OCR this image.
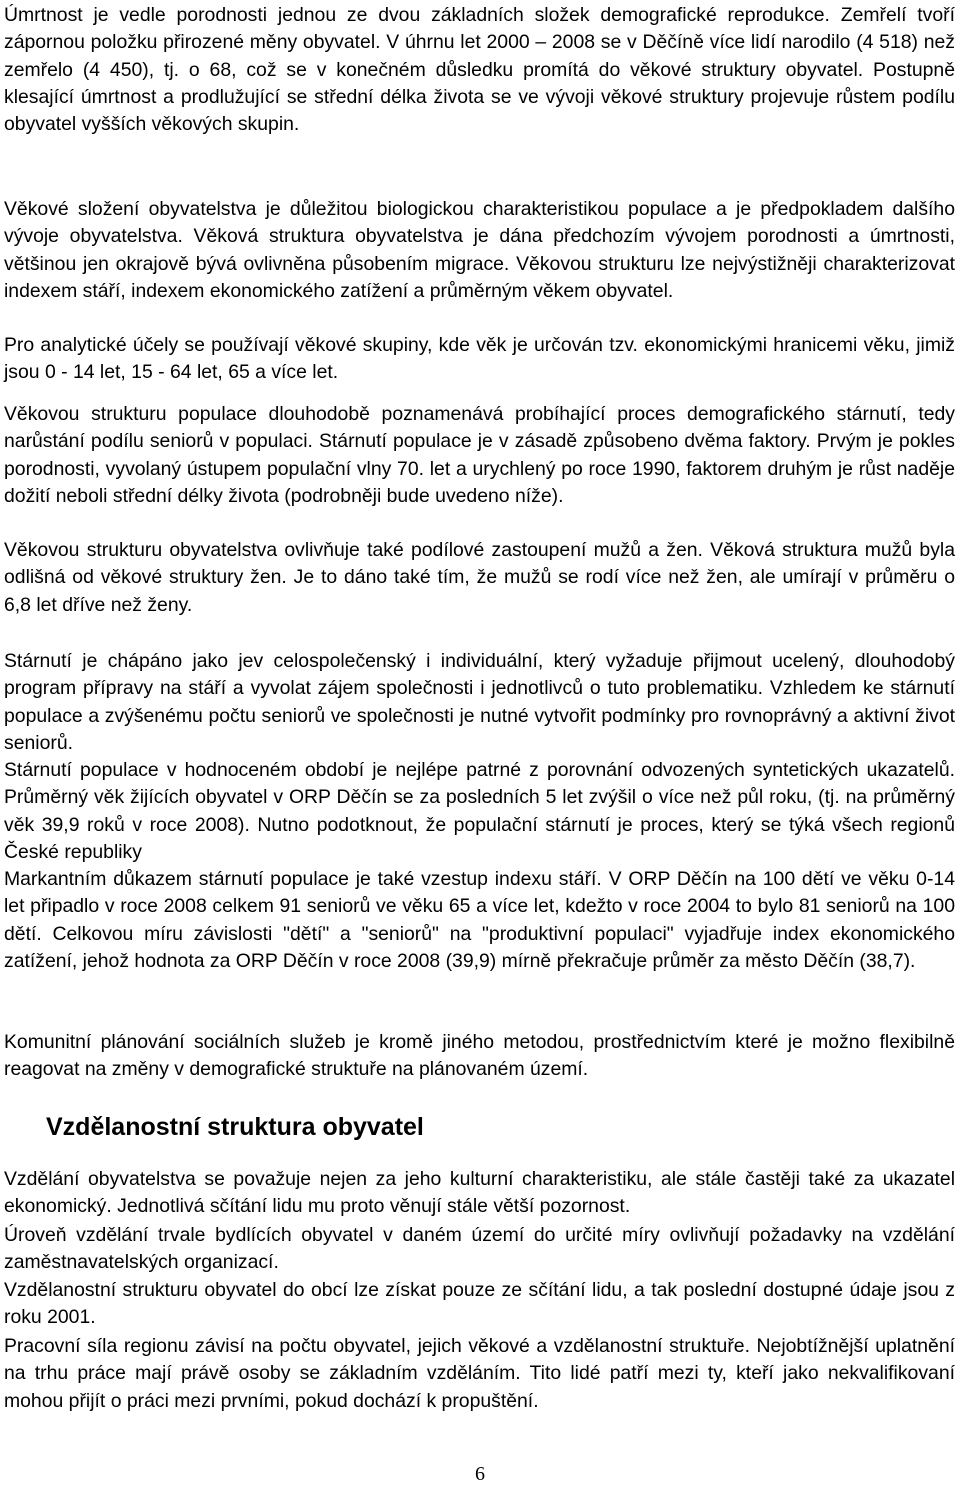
Úmrtnost je vedle porodnosti jednou ze dvou základních složek demografické reprodukce. Zemřelí tvoří zápornou položku přirozené měny obyvatel. V úhrnu let 2000 – 2008 se v Děčíně více lidí narodilo (4 518) než zemřelo (4 450), tj. o 68, což se v konečném důsledku promítá do věkové struktury obyvatel. Postupně klesající úmrtnost a prodlužující se střední délka života se ve vývoji věkové struktury projevuje růstem podílu obyvatel vyšších věkových skupin.

Věkové složení obyvatelstva je důležitou biologickou charakteristikou populace a je předpokladem dalšího vývoje obyvatelstva. Věková struktura obyvatelstva je dána předchozím vývojem porodnosti a úmrtnosti, většinou jen okrajově bývá ovlivněna působením migrace. Věkovou strukturu lze nejvýstižněji charakterizovat indexem stáří, indexem ekonomického zatížení a průměrným věkem obyvatel.

Pro analytické účely se používají věkové skupiny, kde věk je určován tzv. ekonomickými hranicemi věku, jimiž jsou 0 - 14 let, 15 - 64 let, 65 a více let.

Věkovou strukturu populace dlouhodobě poznamenává probíhající proces demografického stárnutí, tedy narůstání podílu seniorů v populaci. Stárnutí populace je v zásadě způsobeno dvěma faktory. Prvým je pokles porodnosti, vyvolaný ústupem populační vlny 70. let a urychlený po roce 1990, faktorem druhým je růst naděje dožití neboli střední délky života (podrobněji bude uvedeno níže).

Věkovou strukturu obyvatelstva ovlivňuje také podílové zastoupení mužů a žen. Věková struktura mužů byla odlišná od věkové struktury žen. Je to dáno také tím, že mužů se rodí více než žen, ale umírají v průměru o 6,8 let dříve než ženy.

Stárnutí je chápáno jako jev celospolečenský i individuální, který vyžaduje přijmout ucelený, dlouhodobý program přípravy na stáří a vyvolat zájem společnosti i jednotlivců o tuto problematiku. Vzhledem ke stárnutí populace a zvýšenému počtu seniorů ve společnosti je nutné vytvořit podmínky pro rovnoprávný a aktivní život seniorů.

Stárnutí populace v hodnoceném období je nejlépe patrné z porovnání odvozených syntetických ukazatelů. Průměrný věk žijících obyvatel v ORP Děčín se za posledních 5 let zvýšil o více než půl roku, (tj. na průměrný věk 39,9 roků v roce 2008). Nutno podotknout, že populační stárnutí je proces, který se týká všech regionů České republiky

Markantním důkazem stárnutí populace je také vzestup indexu stáří. V ORP Děčín na 100 dětí ve věku 0-14 let připadlo v roce 2008 celkem 91 seniorů ve věku 65 a více let, kdežto v roce 2004 to bylo 81 seniorů na 100 dětí. Celkovou míru závislosti "dětí" a "seniorů" na "produktivní populaci" vyjadřuje index ekonomického zatížení, jehož hodnota za ORP Děčín v roce 2008 (39,9) mírně překračuje průměr za město Děčín (38,7).

Komunitní plánování sociálních služeb je kromě jiného metodou, prostřednictvím které je možno flexibilně reagovat na změny v demografické struktuře na plánovaném území.

Vzdělanostní struktura obyvatel

Vzdělání obyvatelstva se považuje nejen za jeho kulturní charakteristiku, ale stále častěji také za ukazatel ekonomický. Jednotlivá sčítání lidu mu proto věnují stále větší pozornost.

Úroveň vzdělání trvale bydlících obyvatel v daném území do určité míry ovlivňují požadavky na vzdělání zaměstnavatelských organizací.

Vzdělanostní strukturu obyvatel do obcí lze získat pouze ze sčítání lidu, a tak poslední dostupné údaje jsou z roku 2001.

Pracovní síla regionu závisí na počtu obyvatel, jejich věkové a vzdělanostní struktuře. Nejobtížnější uplatnění na trhu práce mají právě osoby se základním vzděláním. Tito lidé patří mezi ty, kteří jako nekvalifikovaní mohou přijít o práci mezi prvními, pokud dochází k propuštění.

6
